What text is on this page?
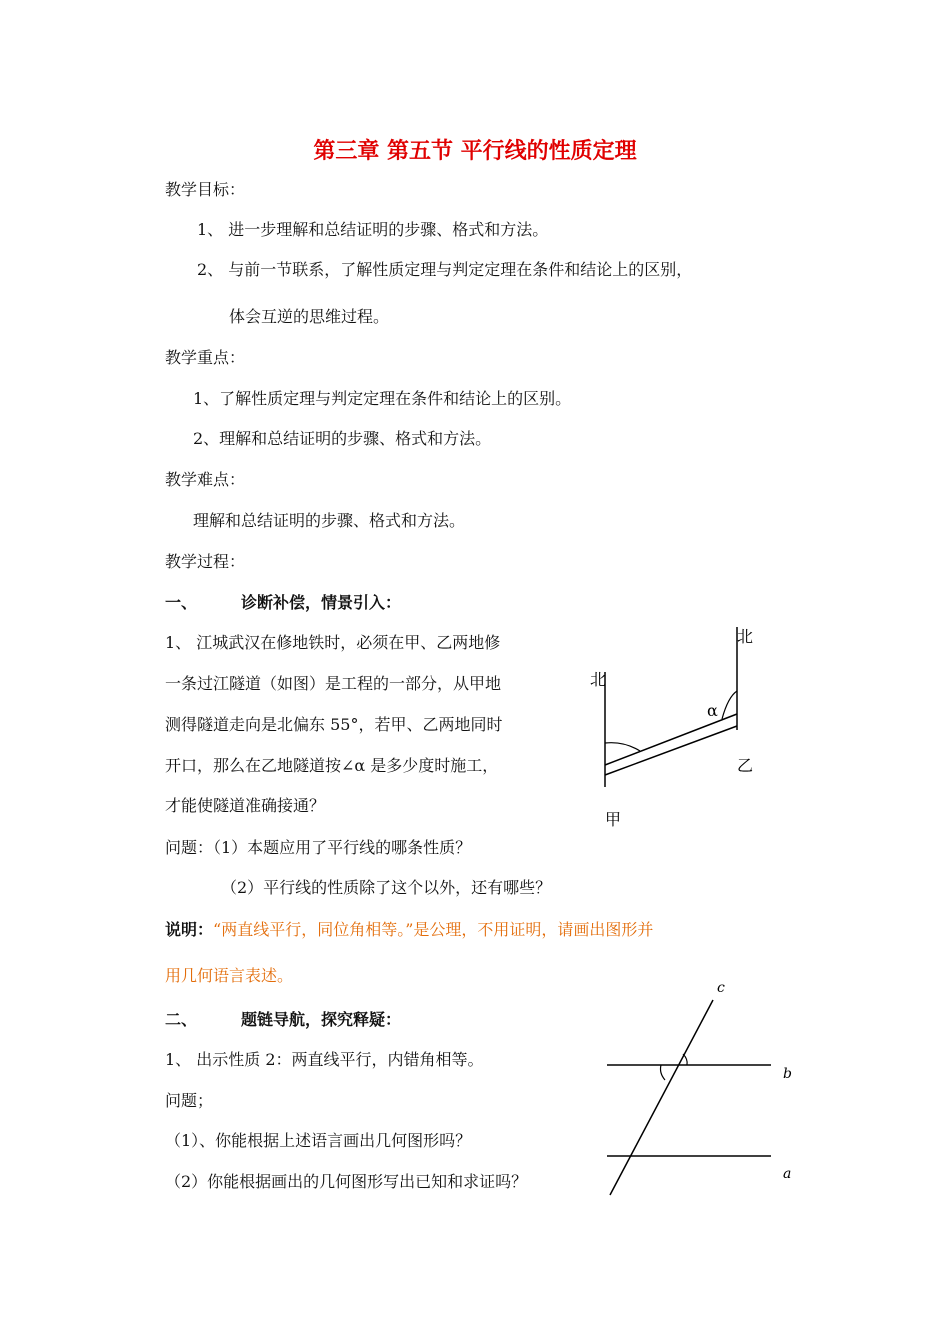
第三章 第五节 平行线的性质定理
教学目标：
1、 进一步理解和总结证明的步骤、格式和方法。
2、 与前一节联系，了解性质定理与判定定理在条件和结论上的区别，
体会互逆的思维过程。
教学重点：
1、了解性质定理与判定定理在条件和结论上的区别。
2、理解和总结证明的步骤、格式和方法。
教学难点：
理解和总结证明的步骤、格式和方法。
教学过程：
一、	诊断补偿，情景引入：
1、 江城武汉在修地铁时，必须在甲、乙两地修
一条过江隧道（如图）是工程的一部分，从甲地
测得隧道走向是北偏东 55°，若甲、乙两地同时
开口，那么在乙地隧道按∠α 是多少度时施工，
才能使隧道准确接通？
问题：（1）本题应用了平行线的哪条性质？
（2）平行线的性质除了这个以外，还有哪些？
说明：“两直线平行，同位角相等。”是公理，不用证明，请画出图形并
用几何语言表述。
二、	题链导航，探究释疑：
1、 出示性质 2：两直线平行，内错角相等。
问题；
（1）、你能根据上述语言画出几何图形吗？
（2）你能根据画出的几何图形写出已知和求证吗？
北
北
α
乙
甲
c
b
a
